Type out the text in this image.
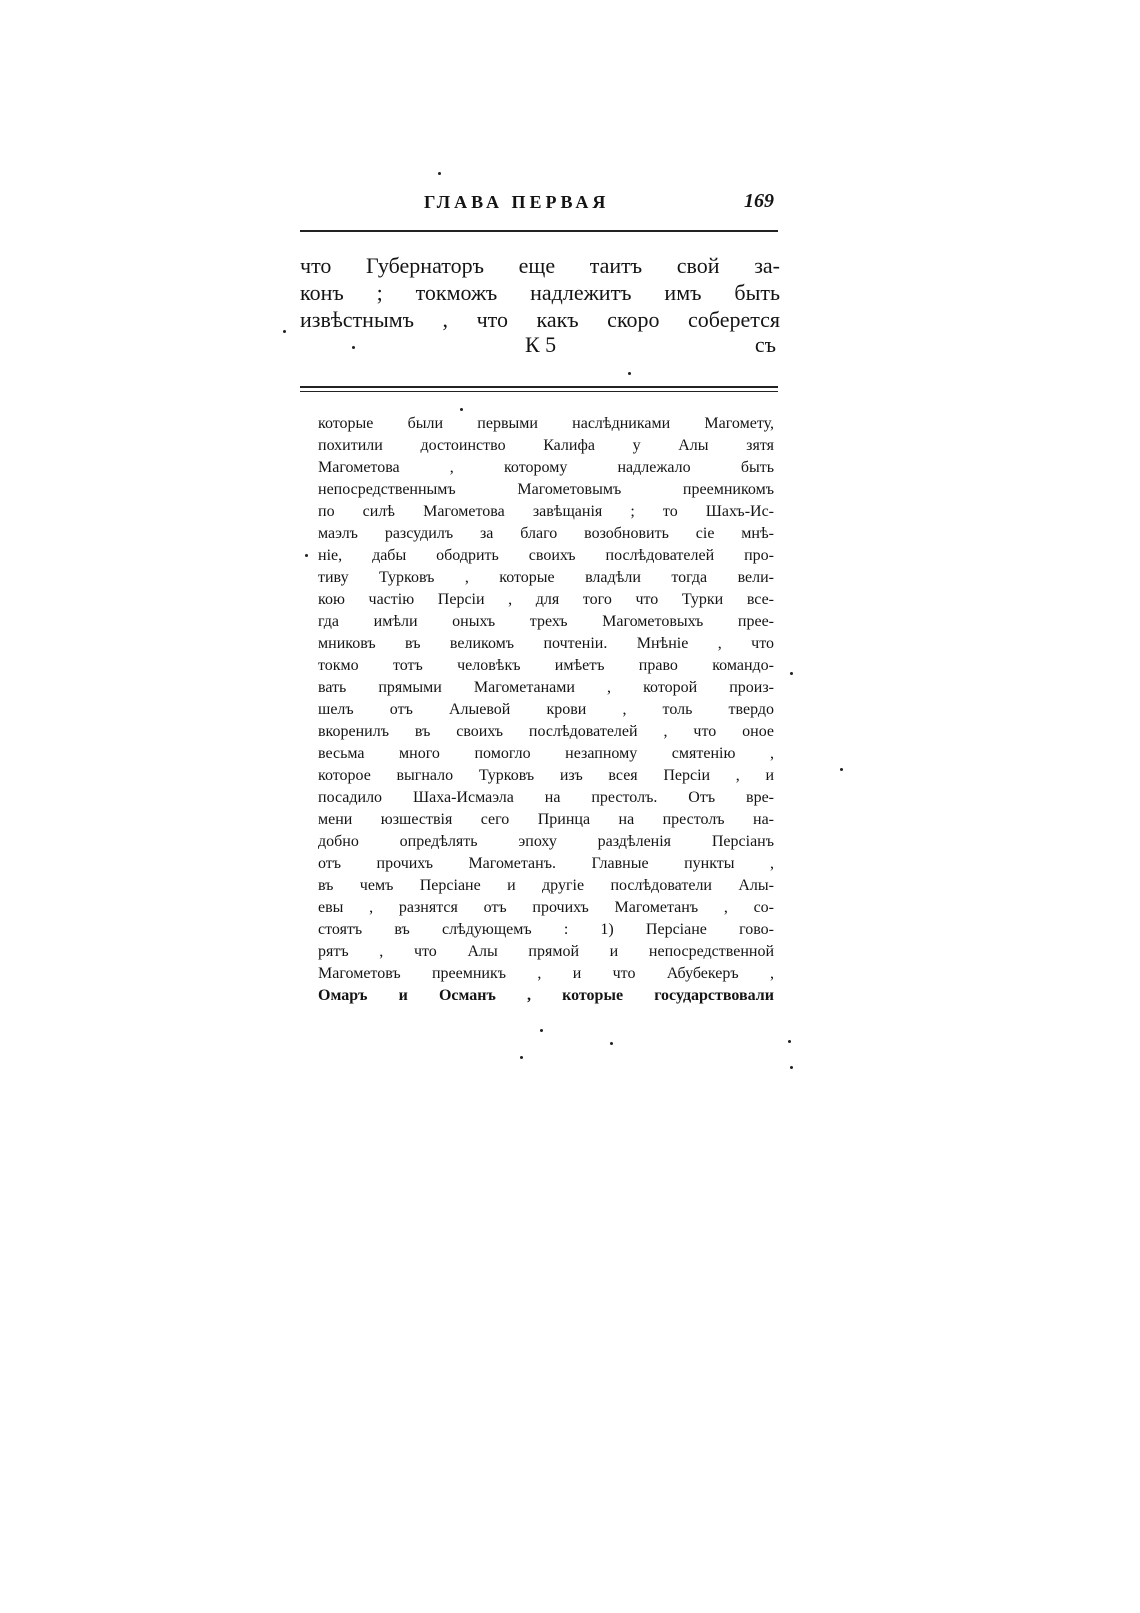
ГЛАВА ПЕРВАЯ	169
что Губернаторъ еще таитъ свой за-
конъ ; токможъ надлежитъ имъ быть
извѣстнымъ , что какъ скоро соберется
К 5	съ
которые были первыми наслѣдниками Магомету,
похитили достоинство Калифа у Алы зятя
Магометова , которому надлежало быть
непосредственнымъ Магометовымъ преемникомъ
по силѣ Магометова завѣщанія ; то Шахъ-Ис-
маэлъ разсудилъ за благо возобновить сіе мнѣ-
ніе, дабы ободрить своихъ послѣдователей про-
тиву Турковъ , которые владѣли тогда вели-
кою частію Персіи , для того что Турки все-
гда имѣли оныхъ трехъ Магометовыхъ прее-
мниковъ въ великомъ почтеніи. Мнѣніе , что
токмо тотъ человѣкъ имѣетъ право командо-
вать прямыми Магометанами , которой произ-
шелъ отъ Алыевой крови , толь твердо
вкоренилъ въ своихъ послѣдователей , что оное
весьма много помогло незапному смятенію ,
которое выгнало Турковъ изъ всея Персіи , и
посадило Шаха-Исмаэла на престолъ. Отъ вре-
мени юзшествія сего Принца на престолъ на-
добно опредѣлять эпоху раздѣленія Персіанъ
отъ прочихъ Магометанъ. Главные пункты ,
въ чемъ Персіане и другіе послѣдователи Алы-
евы , разнятся отъ прочихъ Магометанъ , со-
стоятъ въ слѣдующемъ : 1) Персіане гово-
рятъ , что Алы прямой и непосредственной
Магометовъ преемникъ , и что Абубекеръ ,
Омаръ и Османъ , которые государствовали
